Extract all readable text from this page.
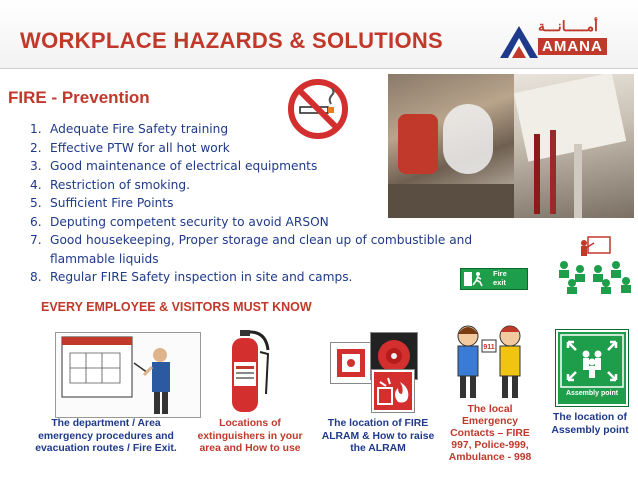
WORKPLACE HAZARDS & SOLUTIONS
أمـــــانـــة
AMANA
FIRE - Prevention
1. Adequate Fire Safety training
2. Effective PTW for all hot work
3. Good maintenance of electrical equipments
4. Restriction of smoking.
5. Sufficient Fire Points
6. Deputing competent security to avoid ARSON
7. Good housekeeping, Proper storage and clean up of combustible and flammable liquids
8. Regular FIRE Safety inspection in site and camps.	Fire
exit
EVERY EMPLOYEE & VISITORS MUST KNOW
The department / Area emergency procedures and evacuation routes / Fire Exit.
Locations of extinguishers in your area and How to use
The location of FIRE ALRAM & How to raise the ALRAM
911
The local Emergency Contacts – FIRE 997, Police-999, Ambulance - 998
Assembly point
The location of Assembly point
